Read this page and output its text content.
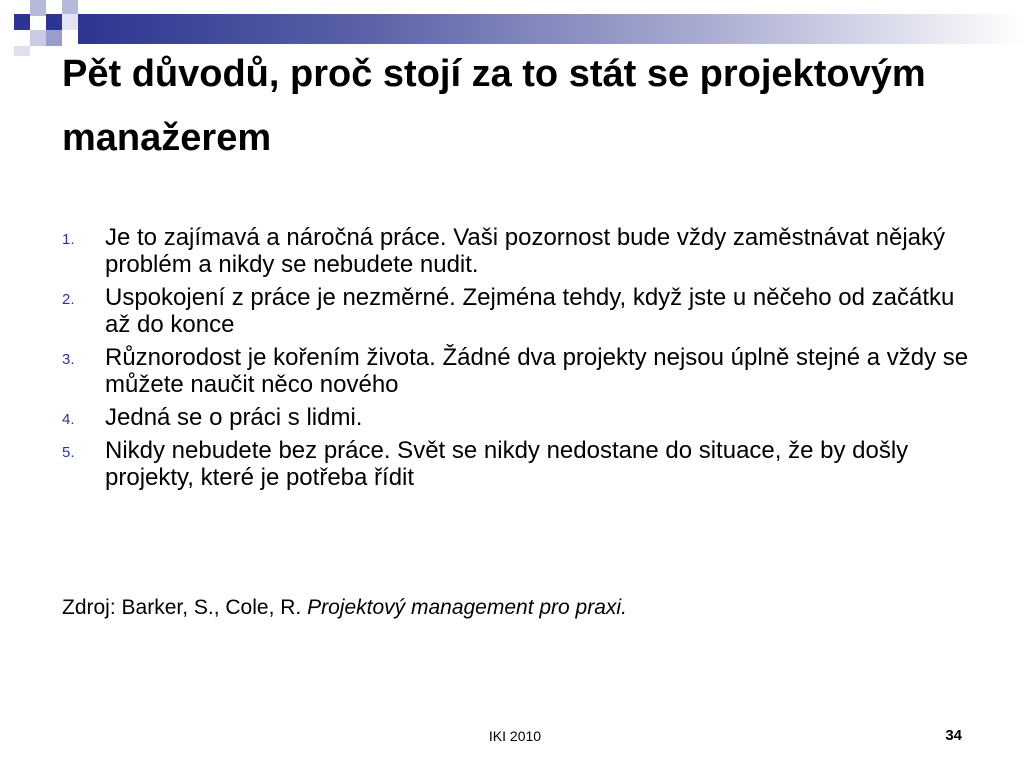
Pět důvodů, proč stojí za to stát se projektovým manažerem
1. Je to zajímavá a náročná práce. Vaši pozornost bude vždy zaměstnávat nějaký problém a nikdy se nebudete nudit.
2. Uspokojení z práce je nezměrné. Zejména tehdy, když jste u něčeho od začátku až do konce
3. Různorodost je kořením života. Žádné dva projekty nejsou úplně stejné a vždy se můžete naučit něco nového
4. Jedná se o práci s lidmi.
5. Nikdy nebudete bez práce. Svět se nikdy nedostane do situace, že by došly projekty, které je potřeba řídit
Zdroj: Barker, S., Cole, R. Projektový management pro praxi.
IKI 2010	34
